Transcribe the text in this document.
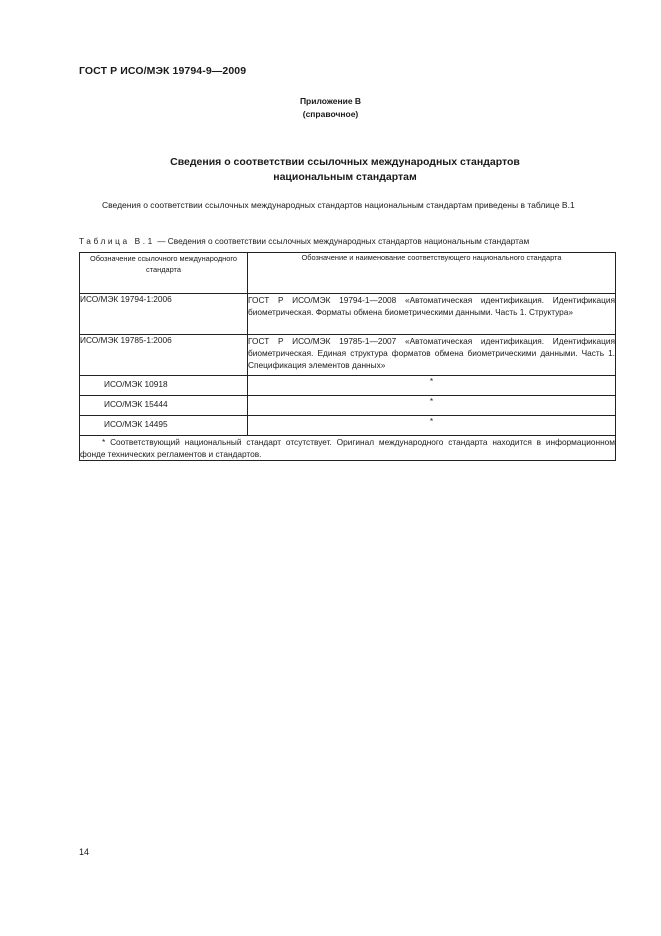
ГОСТ Р ИСО/МЭК 19794-9—2009
Приложение В
(справочное)
Сведения о соответствии ссылочных международных стандартов
национальным стандартам
Сведения о соответствии ссылочных международных стандартов национальным стандартам приведены в таблице В.1
Таблица В.1 — Сведения о соответствии ссылочных международных стандартов национальным стандартам
Обозначение ссылочного международного стандарта	Обозначение и наименование соответствующего национального стандарта
ИСО/МЭК 19794-1:2006	ГОСТ Р ИСО/МЭК 19794-1—2008 «Автоматическая идентификация. Идентификация биометрическая. Форматы обмена биометрическими данными. Часть 1. Структура»
ИСО/МЭК 19785-1:2006	ГОСТ Р ИСО/МЭК 19785-1—2007 «Автоматическая идентификация. Идентификация биометрическая. Единая структура форматов обмена биометрическими данными. Часть 1. Спецификация элементов данных»
ИСО/МЭК 10918	*
ИСО/МЭК 15444	*
ИСО/МЭК 14495	*
* Соответствующий национальный стандарт отсутствует. Оригинал международного стандарта находится в информационном фонде технических регламентов и стандартов.	
14
